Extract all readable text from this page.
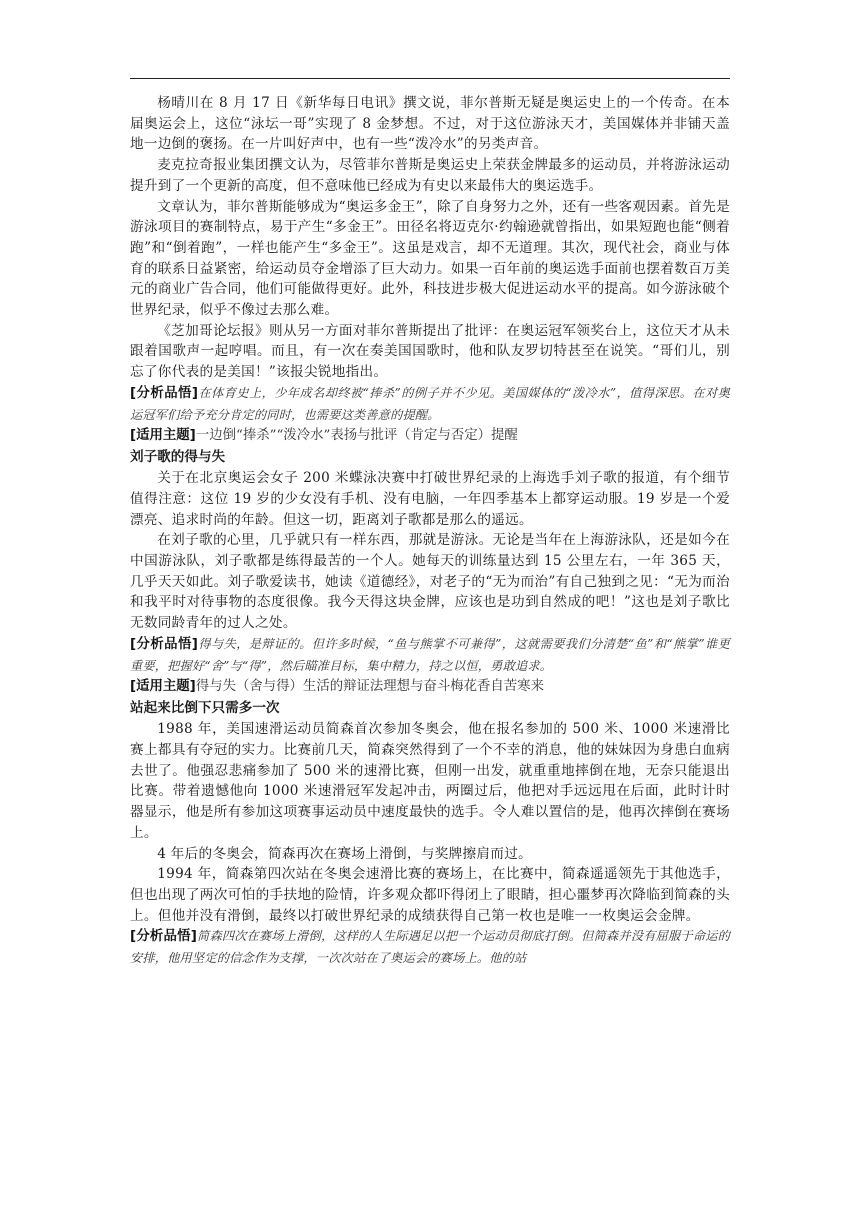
杨晴川在 8 月 17 日《新华每日电讯》撰文说，菲尔普斯无疑是奥运史上的一个传奇。在本届奥运会上，这位“泳坛一哥”实现了 8 金梦想。不过，对于这位游泳天才，美国媒体并非铺天盖地一边倒的褒扬。在一片叫好声中，也有一些“泼冷水”的另类声音。

麦克拉奇报业集团撰文认为，尽管菲尔普斯是奥运史上荣获金牌最多的运动员，并将游泳运动提升到了一个更新的高度，但不意味他已经成为有史以来最伟大的奥运选手。

文章认为，菲尔普斯能够成为“奥运多金王”，除了自身努力之外，还有一些客观因素。首先是游泳项目的赛制特点，易于产生“多金王”。田径名将迈克尔·约翰逊就曾指出，如果短跑也能“侧着跑”和“倒着跑”，一样也能产生“多金王”。这虽是戏言，却不无道理。其次，现代社会，商业与体育的联系日益紧密，给运动员夺金增添了巨大动力。如果一百年前的奥运选手面前也摆着数百万美元的商业广告合同，他们可能做得更好。此外，科技进步极大促进运动水平的提高。如今游泳破个世界纪录，似乎不像过去那么难。

《芝加哥论坛报》则从另一方面对菲尔普斯提出了批评：在奥运冠军领奖台上，这位天才从未跟着国歌声一起哼唱。而且，有一次在奏美国国歌时，他和队友罗切特甚至在说笑。“哥们儿，别忘了你代表的是美国！”该报尖锐地指出。

[分析品悟]在体育史上，少年成名却终被“捧杀”的例子并不少见。美国媒体的“泼冷水”，值得深思。在对奥运冠军们给予充分肯定的同时，也需要这类善意的提醒。

[适用主题]一边倒“捧杀”“泼冷水”表扬与批评（肯定与否定）提醒

刘子歌的得与失

关于在北京奥运会女子 200 米蝶泳决赛中打破世界纪录的上海选手刘子歌的报道，有个细节值得注意：这位 19 岁的少女没有手机、没有电脑，一年四季基本上都穿运动服。19 岁是一个爱漂亮、追求时尚的年龄。但这一切，距离刘子歌都是那么的遥远。

在刘子歌的心里，几乎就只有一样东西，那就是游泳。无论是当年在上海游泳队，还是如今在中国游泳队，刘子歌都是练得最苦的一个人。她每天的训练量达到 15 公里左右，一年 365 天，几乎天天如此。刘子歌爱读书，她读《道德经》，对老子的“无为而治”有自己独到之见：“无为而治和我平时对待事物的态度很像。我今天得这块金牌，应该也是功到自然成的吧！”这也是刘子歌比无数同龄青年的过人之处。

[分析品悟]得与失，是辩证的。但许多时候，“鱼与熊掌不可兼得”，这就需要我们分清楚“鱼”和“熊掌”谁更重要，把握好“舍”与“得”，然后瞄准目标，集中精力，持之以恒，勇敢追求。

[适用主题]得与失（舍与得）生活的辩证法理想与奋斗梅花香自苦寒来

站起来比倒下只需多一次

1988 年，美国速滑运动员简森首次参加冬奥会，他在报名参加的 500 米、1000 米速滑比赛上都具有夺冠的实力。比赛前几天，简森突然得到了一个不幸的消息，他的妹妹因为身患白血病去世了。他强忍悲痛参加了 500 米的速滑比赛，但刚一出发，就重重地摔倒在地，无奈只能退出比赛。带着遗憾他向 1000 米速滑冠军发起冲击，两圈过后，他把对手远远甩在后面，此时计时器显示，他是所有参加这项赛事运动员中速度最快的选手。令人难以置信的是，他再次摔倒在赛场上。

4 年后的冬奥会，简森再次在赛场上滑倒，与奖牌擦肩而过。

1994 年，简森第四次站在冬奥会速滑比赛的赛场上，在比赛中，简森遥遥领先于其他选手，但也出现了两次可怕的手扶地的险情，许多观众都吓得闭上了眼睛，担心噩梦再次降临到简森的头上。但他并没有滑倒，最终以打破世界纪录的成绩获得自己第一枚也是唯一一枚奥运会金牌。

[分析品悟]简森四次在赛场上滑倒，这样的人生际遇足以把一个运动员彻底打倒。但简森并没有屈服于命运的安排，他用坚定的信念作为支撑，一次次站在了奥运会的赛场上。他的站
